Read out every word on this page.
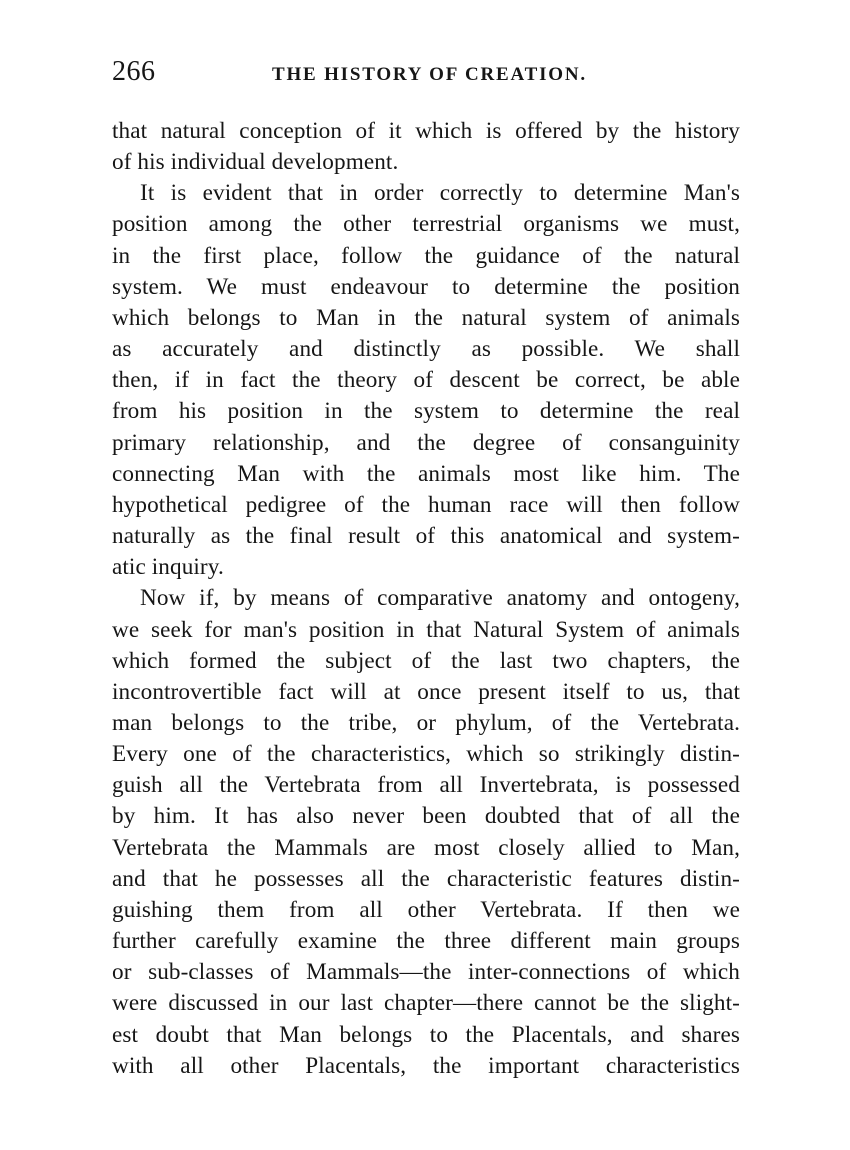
266	THE HISTORY OF CREATION.

that natural conception of it which is offered by the history

of his individual development.

It is evident that in order correctly to determine Man's

position among the other terrestrial organisms we must,

in the first place, follow the guidance of the natural

system. We must endeavour to determine the position

which belongs to Man in the natural system of animals

as accurately and distinctly as possible. We shall

then, if in fact the theory of descent be correct, be able

from his position in the system to determine the real

primary relationship, and the degree of consanguinity

connecting Man with the animals most like him. The

hypothetical pedigree of the human race will then follow

naturally as the final result of this anatomical and system-

atic inquiry.

Now if, by means of comparative anatomy and ontogeny,

we seek for man's position in that Natural System of animals

which formed the subject of the last two chapters, the

incontrovertible fact will at once present itself to us, that

man belongs to the tribe, or phylum, of the Vertebrata.

Every one of the characteristics, which so strikingly distin-

guish all the Vertebrata from all Invertebrata, is possessed

by him. It has also never been doubted that of all the

Vertebrata the Mammals are most closely allied to Man,

and that he possesses all the characteristic features distin-

guishing them from all other Vertebrata. If then we

further carefully examine the three different main groups

or sub-classes of Mammals—the inter-connections of which

were discussed in our last chapter—there cannot be the slight-

est doubt that Man belongs to the Placentals, and shares

with all other Placentals, the important characteristics
